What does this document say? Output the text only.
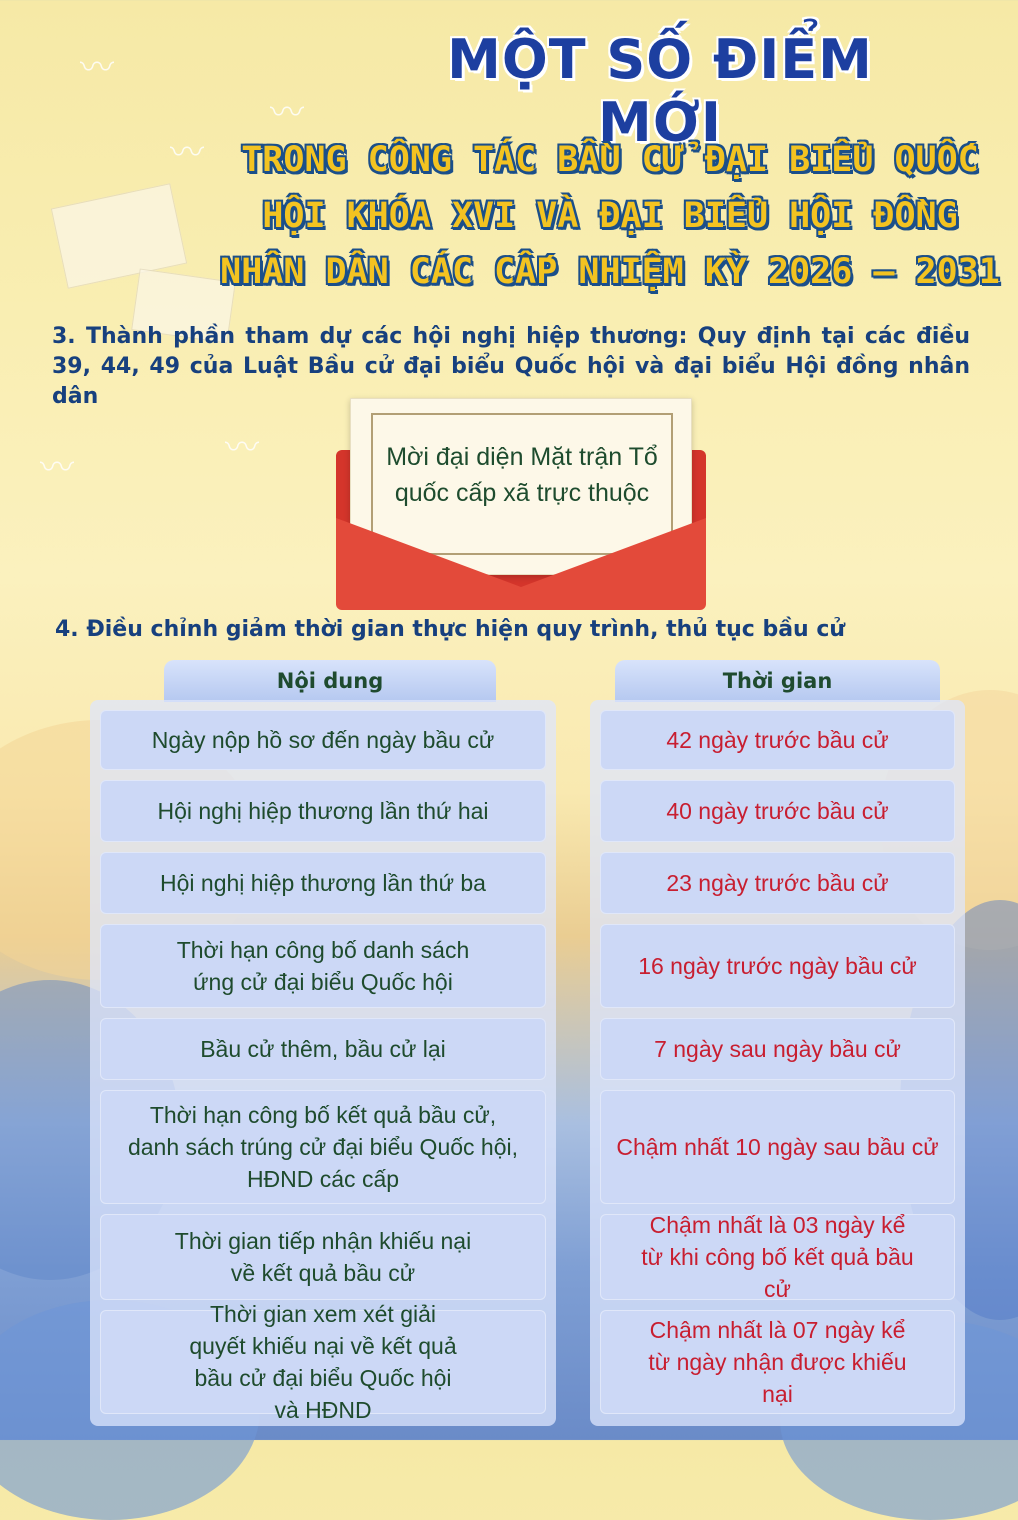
〰
〰
〰
〰	〰
MỘT SỐ ĐIỂM MỚI
TRONG CÔNG TÁC BẦU CỬ ĐẠI BIỂU QUỐC HỘI KHÓA XVI VÀ ĐẠI BIỂU HỘI ĐỒNG NHÂN DÂN CÁC CẤP NHIỆM KỲ 2026 – 2031
3. Thành phần tham dự các hội nghị hiệp thương: Quy định tại các điều 39, 44, 49 của Luật Bầu cử đại biểu Quốc hội và đại biểu Hội đồng nhân dân
Mời đại diện Mặt trận Tổ quốc cấp xã trực thuộc
4. Điều chỉnh giảm thời gian thực hiện quy trình, thủ tục bầu cử
Nội dung	Thời gian
Ngày nộp hồ sơ đến ngày bầu cử
Hội nghị hiệp thương lần thứ hai
Hội nghị hiệp thương lần thứ ba
Thời hạn công bố danh sách ứng cử đại biểu Quốc hội
Bầu cử thêm, bầu cử lại
Thời hạn công bố kết quả bầu cử, danh sách trúng cử đại biểu Quốc hội, HĐND các cấp
Thời gian tiếp nhận khiếu nại về kết quả bầu cử
Thời gian xem xét giải quyết khiếu nại về kết quả bầu cử đại biểu Quốc hội và HĐND
42 ngày trước bầu cử
40 ngày trước bầu cử
23 ngày trước bầu cử
16 ngày trước ngày bầu cử
7 ngày sau ngày bầu cử
Chậm nhất 10 ngày sau bầu cử
Chậm nhất là 03 ngày kể từ khi công bố kết quả bầu cử
Chậm nhất là 07 ngày kể từ ngày nhận được khiếu nại
